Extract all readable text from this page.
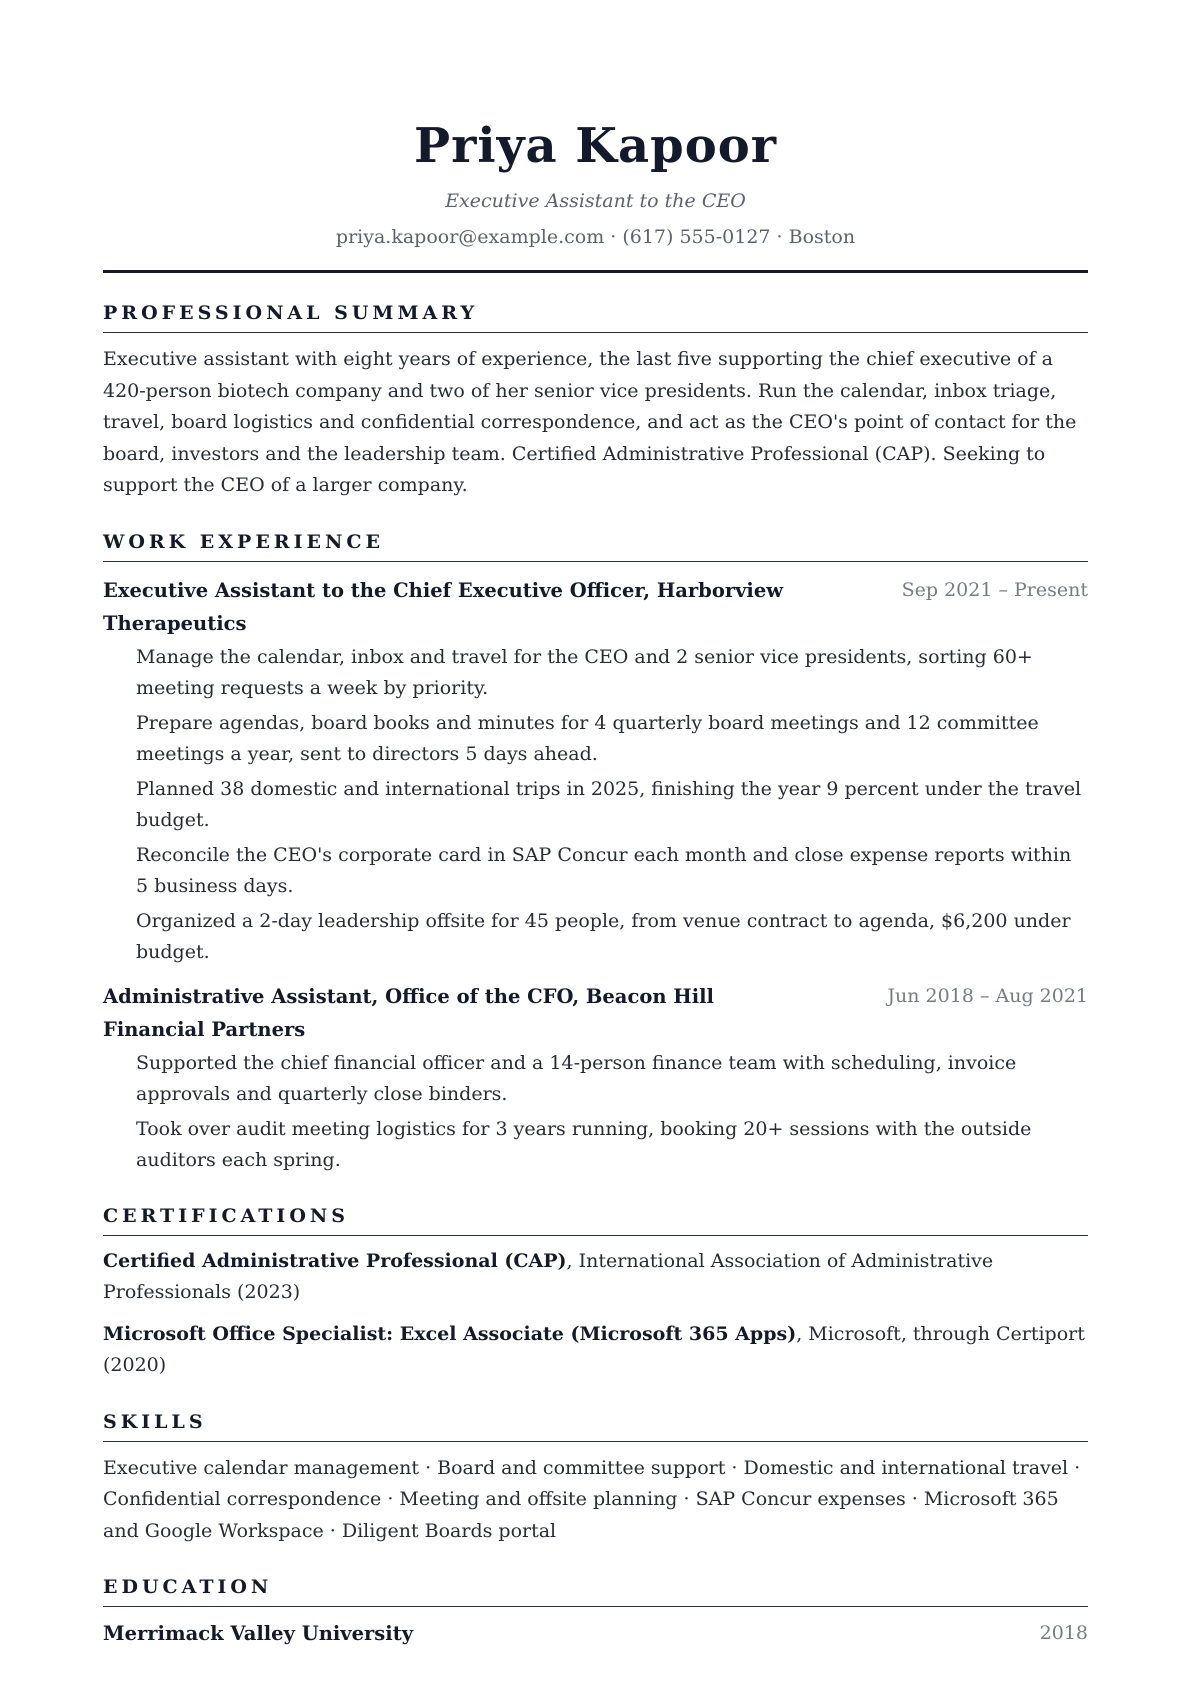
Priya Kapoor
Executive Assistant to the CEO
priya.kapoor@example.com · (617) 555-0127 · Boston
PROFESSIONAL SUMMARY

Executive assistant with eight years of experience, the last five supporting the chief executive of a 420-person biotech company and two of her senior vice presidents. Run the calendar, inbox triage, travel, board logistics and confidential correspondence, and act as the CEO's point of contact for the board, investors and the leadership team. Certified Administrative Professional (CAP). Seeking to support the CEO of a larger company.

WORK EXPERIENCE
Executive Assistant to the Chief Executive Officer, Harborview Therapeutics
Sep 2021 – Present
Manage the calendar, inbox and travel for the CEO and 2 senior vice presidents, sorting 60+ meeting requests a week by priority.
Prepare agendas, board books and minutes for 4 quarterly board meetings and 12 committee meetings a year, sent to directors 5 days ahead.
Planned 38 domestic and international trips in 2025, finishing the year 9 percent under the travel budget.
Reconcile the CEO's corporate card in SAP Concur each month and close expense reports within 5 business days.
Organized a 2-day leadership offsite for 45 people, from venue contract to agenda, $6,200 under budget.
Administrative Assistant, Office of the CFO, Beacon Hill Financial Partners
Jun 2018 – Aug 2021
Supported the chief financial officer and a 14-person finance team with scheduling, invoice approvals and quarterly close binders.
Took over audit meeting logistics for 3 years running, booking 20+ sessions with the outside auditors each spring.
CERTIFICATIONS
Certified Administrative Professional (CAP), International Association of Administrative Professionals (2023)
Microsoft Office Specialist: Excel Associate (Microsoft 365 Apps), Microsoft, through Certiport (2020)
SKILLS

Executive calendar management · Board and committee support · Domestic and international travel · Confidential correspondence · Meeting and offsite planning · SAP Concur expenses · Microsoft 365 and Google Workspace · Diligent Boards portal

EDUCATION
Merrimack Valley University	2018
